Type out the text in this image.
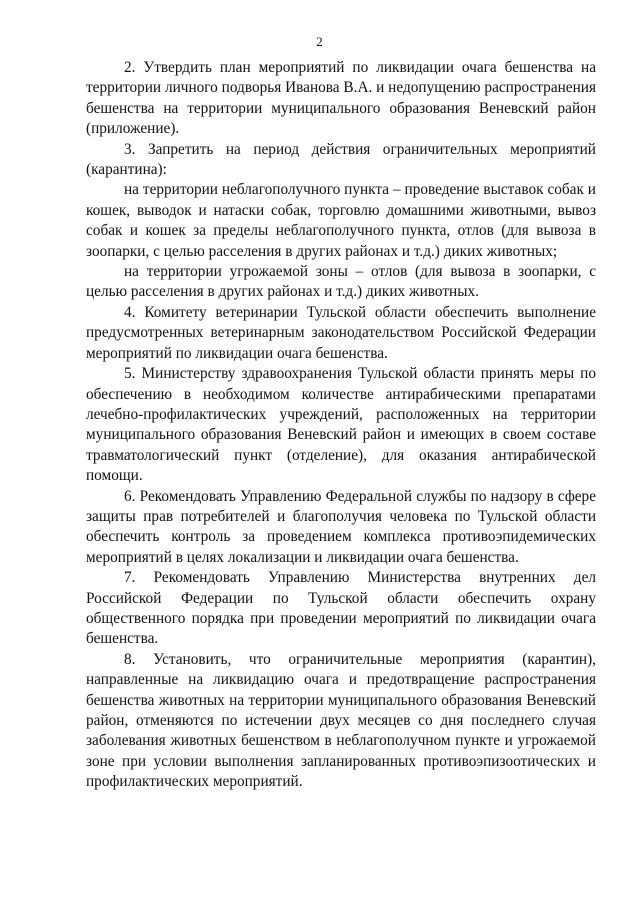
2

2. Утвердить план мероприятий по ликвидации очага бешенства на территории личного подворья Иванова В.А. и недопущению распространения бешенства на территории муниципального образования Веневский район (приложение).

3. Запретить на период действия ограничительных мероприятий (карантина):

на территории неблагополучного пункта – проведение выставок собак и кошек, выводок и натаски собак, торговлю домашними животными, вывоз собак и кошек за пределы неблагополучного пункта, отлов (для вывоза в зоопарки, с целью расселения в других районах и т.д.) диких животных;

на территории угрожаемой зоны – отлов (для вывоза в зоопарки, с целью расселения в других районах и т.д.) диких животных.

4. Комитету ветеринарии Тульской области обеспечить выполнение предусмотренных ветеринарным законодательством Российской Федерации мероприятий по ликвидации очага бешенства.

5. Министерству здравоохранения Тульской области принять меры по обеспечению в необходимом количестве антирабическими препаратами лечебно-профилактических учреждений, расположенных на территории муниципального образования Веневский район и имеющих в своем составе травматологический пункт (отделение), для оказания антирабической помощи.

6. Рекомендовать Управлению Федеральной службы по надзору в сфере защиты прав потребителей и благополучия человека по Тульской области обеспечить контроль за проведением комплекса противоэпидемических мероприятий в целях локализации и ликвидации очага бешенства.

7. Рекомендовать Управлению Министерства внутренних дел Российской Федерации по Тульской области обеспечить охрану общественного порядка при проведении мероприятий по ликвидации очага бешенства.

8. Установить, что ограничительные мероприятия (карантин), направленные на ликвидацию очага и предотвращение распространения бешенства животных на территории муниципального образования Веневский район, отменяются по истечении двух месяцев со дня последнего случая заболевания животных бешенством в неблагополучном пункте и угрожаемой зоне при условии выполнения запланированных противоэпизоотических и профилактических мероприятий.
